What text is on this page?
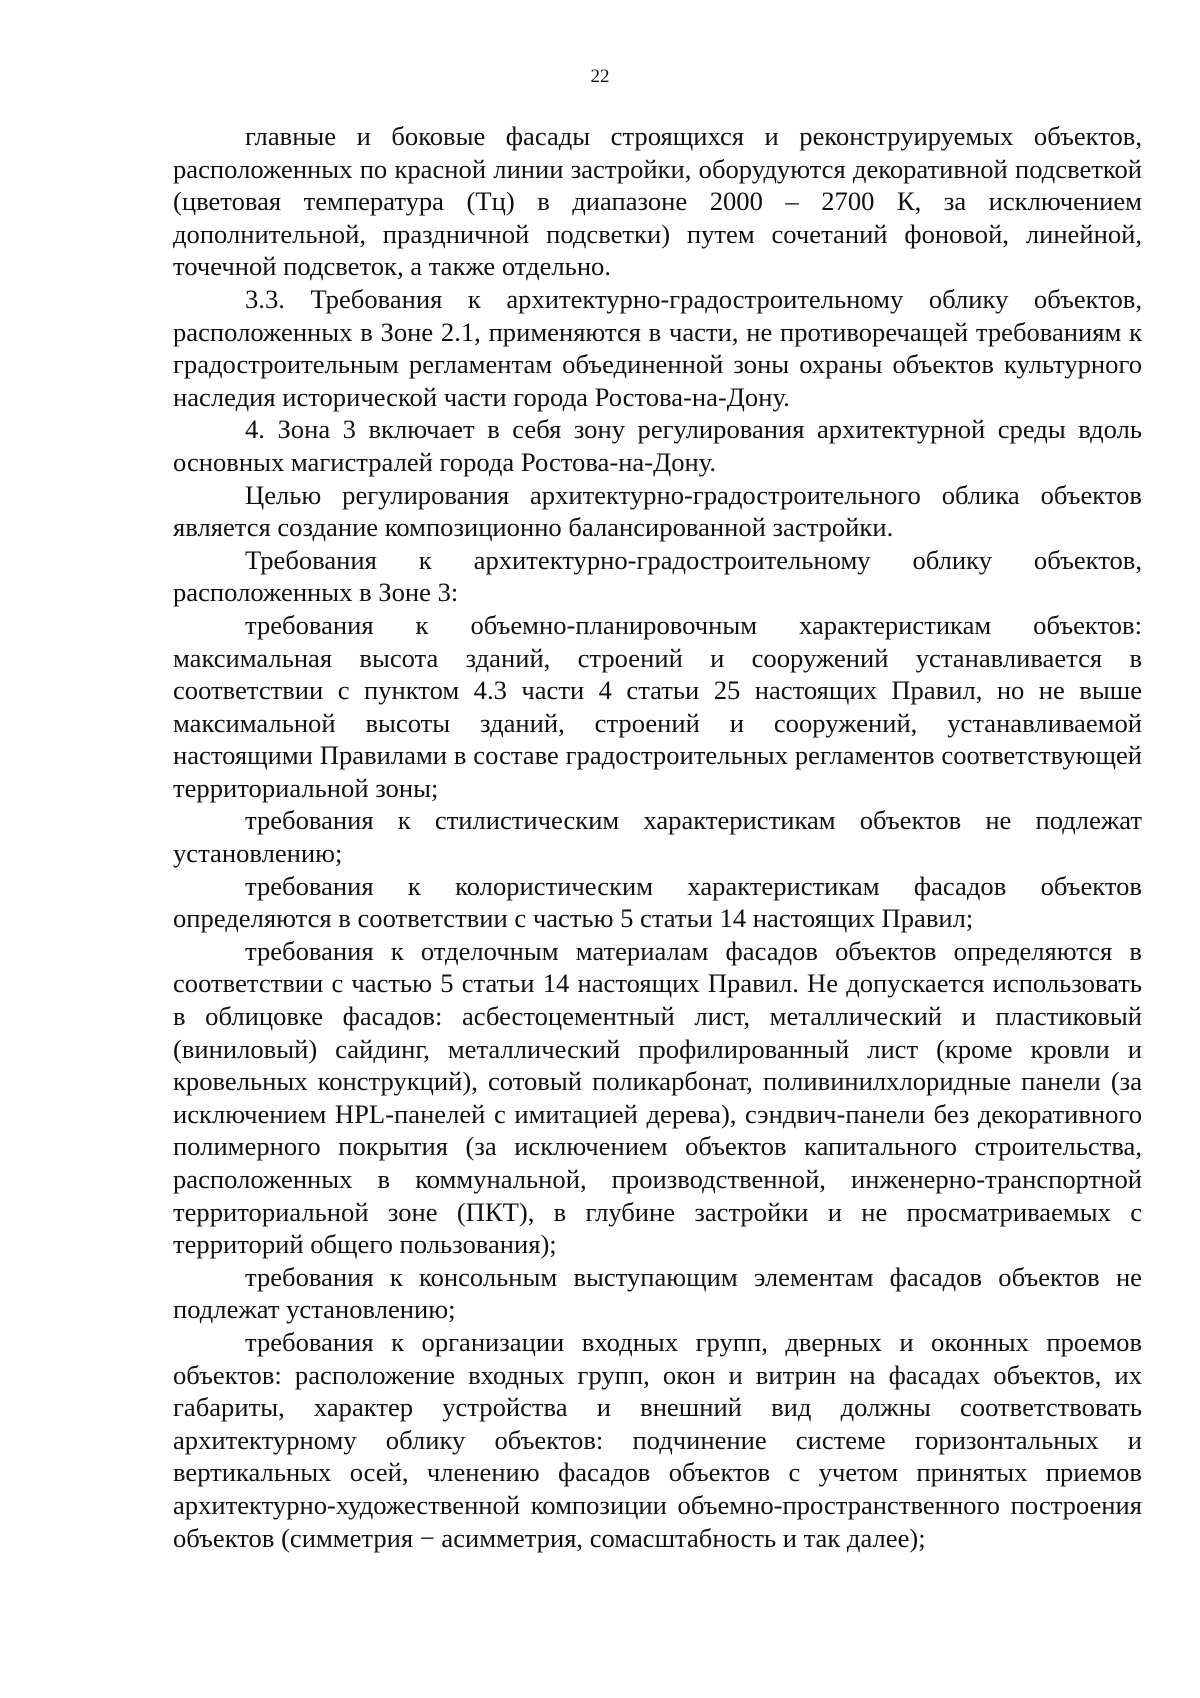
22

главные и боковые фасады строящихся и реконструируемых объектов, расположенных по красной линии застройки, оборудуются декоративной подсветкой (цветовая температура (Тц) в диапазоне 2000 – 2700 К, за исключением дополнительной, праздничной подсветки) путем сочетаний фоновой, линейной, точечной подсветок, а также отдельно.

3.3. Требования к архитектурно-градостроительному облику объектов, расположенных в Зоне 2.1, применяются в части, не противоречащей требованиям к градостроительным регламентам объединенной зоны охраны объектов культурного наследия исторической части города Ростова-на-Дону.

4. Зона 3 включает в себя зону регулирования архитектурной среды вдоль основных магистралей города Ростова-на-Дону.

Целью регулирования архитектурно-градостроительного облика объектов является создание композиционно балансированной застройки.

Требования к архитектурно-градостроительному облику объектов, расположенных в Зоне 3:

требования к объемно-планировочным характеристикам объектов: максимальная высота зданий, строений и сооружений устанавливается в соответствии с пунктом 4.3 части 4 статьи 25 настоящих Правил, но не выше максимальной высоты зданий, строений и сооружений, устанавливаемой настоящими Правилами в составе градостроительных регламентов соответствующей территориальной зоны;

требования к стилистическим характеристикам объектов не подлежат установлению;

требования к колористическим характеристикам фасадов объектов определяются в соответствии с частью 5 статьи 14 настоящих Правил;

требования к отделочным материалам фасадов объектов определяются в соответствии с частью 5 статьи 14 настоящих Правил. Не допускается использовать в облицовке фасадов: асбестоцементный лист, металлический и пластиковый (виниловый) сайдинг, металлический профилированный лист (кроме кровли и кровельных конструкций), сотовый поликарбонат, поливинилхлоридные панели (за исключением HPL-панелей с имитацией дерева), сэндвич-панели без декоративного полимерного покрытия (за исключением объектов капитального строительства, расположенных в коммунальной, производственной, инженерно-транспортной территориальной зоне (ПКТ), в глубине застройки и не просматриваемых с территорий общего пользования);

требования к консольным выступающим элементам фасадов объектов не подлежат установлению;

требования к организации входных групп, дверных и оконных проемов объектов: расположение входных групп, окон и витрин на фасадах объектов, их габариты, характер устройства и внешний вид должны соответствовать архитектурному облику объектов: подчинение системе горизонтальных и вертикальных осей, членению фасадов объектов с учетом принятых приемов архитектурно-художественной композиции объемно-пространственного построения объектов (симметрия − асимметрия, сомасштабность и так далее);
